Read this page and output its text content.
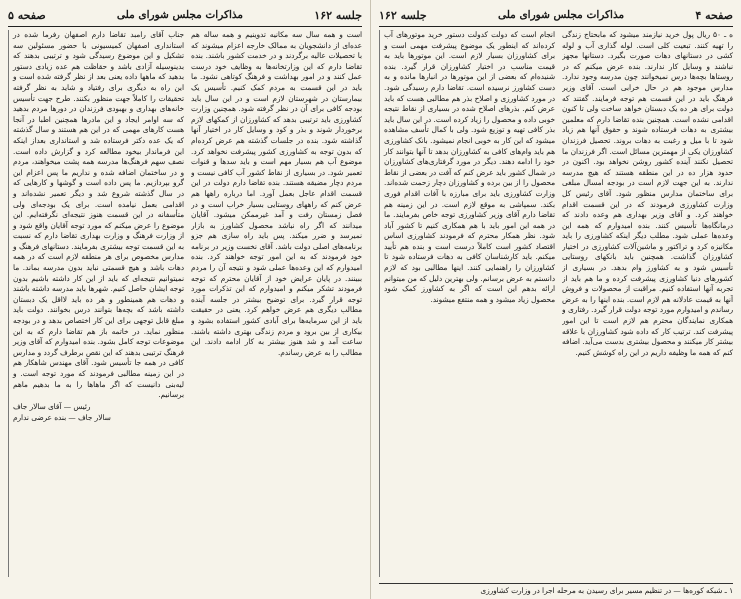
صفحه ۴
مذاکرات مجلس شورای ملی
جلسه ۱۶۲

ه ـ ۵۰ ریال پول خرید نیازمند میشود که مابحتاج زندگی را تهیه کنند. تبعیت کلی است. لوله گذاری آب و لوله کشی در دستانهای دهات صورت بگیرد. دستانها مجهز نباشند و وسایل کار ندارند. بنده عرض میکنم که در روستاها بچه‌ها درس نمیخوانند چون مدرسه وجود ندارد. مدارس موجود هم در حال خرابی است. آقای وزیر فرهنگ باید در این قسمت هم توجه فرمایند. گفتند که دولت برای هر ده یک دبستان خواهد ساخت ولی تا کنون اقدامی نشده است. همچنین بنده تقاضا دارم که معلمین بیشتری به دهات فرستاده شوند و حقوق آنها هم زیاد شود تا با میل و رغبت به دهات بروند. تحصیل فرزندان کشاورزان یکی از مهمترین مسائل است. اگر فرزندان ما تحصیل نکنند آینده کشور روشن نخواهد بود. اکنون در حدود هزار ده در این منطقه هستند که هیچ مدرسه ندارند. به این جهت لازم است در بودجه امسال مبلغی برای ساختمان مدارس منظور شود. آقای رئیس کل وزارت کشاورزی فرمودند که در این قسمت اقدام خواهند کرد. و آقای وزیر بهداری هم وعده دادند که درمانگاه‌ها تأسیس کنند. بنده امیدوارم که همه این وعده‌ها عملی شود. مطلب دیگر اینکه کشاورزی را باید مکانیزه کرد و تراکتور و ماشین‌آلات کشاورزی در اختیار کشاورزان گذاشت. همچنین باید بانکهای روستایی تأسیس شود و به کشاورز وام بدهد. در بسیاری از کشورهای دنیا کشاورزی پیشرفت کرده و ما هم باید از تجربه آنها استفاده کنیم. مراقبت از محصولات و فروش آنها به قیمت عادلانه هم لازم است. بنده اینها را به عرض رساندم و امیدوارم مورد توجه دولت قرار گیرد. رفتاری و همکاری نمایندگان محترم هم لازم است تا این امور پیشرفت کند. ترتیب کار که داده شود کشاورزان با علاقه بیشتر کار میکنند و محصول بیشتری بدست می‌آید. اضافه کنم که همه ما وظیفه داریم در این راه کوشش کنیم.

انجام است که دولت کدولت دستور خرید موتورهای آب کرده‌اند که اینطور یک موضوع پیشرفت مهمی است و برای کشاورزان بسیار لازم است. این موتورها باید به قیمت مناسب در اختیار کشاورزان قرار گیرد. بنده شنیده‌ام که بعضی از این موتورها در انبارها مانده و به دست کشاورز نرسیده است. تقاضا دارم رسیدگی شود. در مورد کشاورزی و اصلاح بذر هم مطالبی هست که باید عرض کنم. بذرهای اصلاح شده در بسیاری از نقاط نتیجه خوبی داده و محصول را زیاد کرده است. در این سال باید بذر کافی تهیه و توزیع شود. ولی با کمال تأسف مشاهده میشود که این کار به خوبی انجام نمیشود. بانک کشاورزی هم باید وام‌های کافی به کشاورزان بدهد تا آنها بتوانند کار خود را ادامه دهند. دیگر در مورد گرفتاری‌های کشاورزان در شمال کشور باید عرض کنم که آفت در بعضی از نقاط محصول را از بین برده و کشاورزان دچار زحمت شده‌اند. وزارت کشاورزی باید برای مبارزه با آفات اقدام فوری بکند. سمپاشی به موقع لازم است. در این زمینه هم تقاضا دارم آقای وزیر کشاورزی توجه خاص بفرمایند. ما در همه این امور باید با هم همکاری کنیم تا کشور آباد شود. نظر همکار محترم که فرمودند کشاورزی اساس اقتصاد کشور است کاملاً درست است و بنده هم تأیید میکنم. باید کارشناسان کافی به دهات فرستاده شود تا کشاورزان را راهنمایی کنند. اینها مطالبی بود که لازم دانستم به عرض برسانم. ولی بهترین دلیل که من میتوانم ارائه بدهم این است که اگر به کشاورز کمک شود محصول زیاد میشود و همه منتفع میشوند.

۱ ـ شبکه کوره‌ها — در تنظیم مسیر برای رسیدن به مرحله اجرا در وزارت کشاورزی
جلسه ۱۶۲
مذاکرات مجلس شورای ملی
صفحه ۵

است و همه سال سه مکانیه تدوینیم و همه ساله هم عده‌ای از دانشجویان به ممالک خارجه اعزام میشوند که با تحصیلات عالیه برگردند و در خدمت کشور باشند. بنده تقاضا دارم که این وزارتخانه‌ها به وظایف خود درست عمل کنند و در امور بهداشت و فرهنگ کوتاهی نشود. ما باید در این قسمت به مردم کمک کنیم. تأسیس یک بیمارستان در شهرستان لازم است و در این سال باید بودجه کافی برای آن در نظر گرفته شود. همچنین وزارت کشاورزی باید ترتیبی بدهد که کشاورزان از کمکهای لازم برخوردار شوند و بذر و کود و وسایل کار در اختیار آنها گذاشته شود. بنده در جلسات گذشته هم عرض کرده‌ام که بدون توجه به کشاورزی کشور پیشرفت نخواهد کرد. موضوع آب هم بسیار مهم است و باید سدها و قنوات تعمیر شود. در بسیاری از نقاط کشور آب کافی نیست و مردم دچار مضیقه هستند. بنده تقاضا دارم دولت در این قسمت اقدام عاجل بعمل آورد. اما درباره راهها هم عرض کنم که راههای روستایی بسیار خراب است و در فصل زمستان رفت و آمد غیرممکن میشود. آقایان میدانند که اگر راه نباشد محصول کشاورز به بازار نمیرسد و ضرر میکند. پس باید راه سازی هم جزو برنامه‌های اصلی دولت باشد. آقای نخست وزیر در برنامه خود فرمودند که به این امور توجه خواهند کرد. بنده امیدوارم که این وعده‌ها عملی شود و نتیجه آن را مردم ببینند. در پایان عرایض خود از آقایان محترم که توجه فرمودند تشکر میکنم و امیدوارم که این تذکرات مورد توجه قرار گیرد. برای توضیح بیشتر در جلسه آینده مطالب دیگری هم عرض خواهم کرد. یعنی در حقیقت باید از این سرمایه‌ها برای آبادی کشور استفاده بشود و بیکاری از بین برود و مردم زندگی بهتری داشته باشند. ساعت آمد و شد هنوز بیشتر به کار ادامه دادند. این مطالب را به عرض رساندم.

جناب آقای رامبد تقاضا دارم اصفهان رفرما شده در استانداری اصفهان کمیسیونی با حضور مسئولین سه تشکیل و این موضوع رسیدگی شود و ترتیبی بدهند که بدینوسیله آزادی باشد و حقاظت هم عده زیادی دستور بدهید که ماهها داده یعنی بعد از نظر گرفته شده است و این راه به دیگری برای رفتیاد و شاید به نظر گرفته تحقیقات را کاملاً جهت منظور بکنند. طرح جهت تأسیس خانه‌های بهداری و بهبودی فرزندان در دورها مردم بدهید که سه اوامر ایجاد و این مادرها همچنین اطبا در آنجا هست کارهای مهمی که در این هم هستند و سال گذشته که یک عده دکتر فرستاده شد و استانداری بعداز اینکه این فرماندار بیخود مطالعه کرد و گزارش داده است. نصف سهم فرهنگ‌ها مدرسه همه پشت میخواهند، مردم و در ساختمان اضافه شده و نداریم ما پس اعزام این گرو بپردازیم. ما پس داده است و گوشها و کارهایی که در سال گذشته شروع شد و دیگر تعمیر نشده‌اند و اقدامی بعمل نیامده است. برای یک بودجه‌ای ولی متأسفانه در این قسمت هنوز نتیجه‌ای نگرفته‌ایم. این موضوع را عرض میکنم که مورد توجه آقایان واقع شود و از وزارت فرهنگ و وزارت بهداری تقاضا دارم که نسبت به این قسمت توجه بیشتری بفرمایند. دستانهای فرهنگ و مدارس مخصوص برای هر منطقه لازم است که در همه دهات باشد و هیچ قسمتی نباید بدون مدرسه بماند. ما نمیتوانیم نتیجه‌ای که باید از این کار داشته باشیم بدون توجه ایشان حاصل کنیم. شهرها باید مدرسه داشته باشند و دهات هم همینطور و هر ده باید لااقل یک دبستان داشته باشد که بچه‌ها بتوانند درس بخوانند. دولت باید مبلغ قابل توجهی برای این کار اختصاص بدهد و در بودجه منظور نماید. در خاتمه باز هم تقاضا دارم که به این موضوعات توجه کامل بشود. بنده امیدوارم که آقای وزیر فرهنگ ترتیبی بدهند که این نقص برطرف گردد و مدارس کافی در همه جا تأسیس شود. آقای مهندس شاهکار هم در این زمینه مطالبی فرمودند که مورد توجه است. و لیه‌بنی دانیست که اگر ماها‌ها را به ما بدهیم ماهم برسانیم.

رئیس — آقای سالار جاف

سالار جاف — بنده عرضی ندارم
